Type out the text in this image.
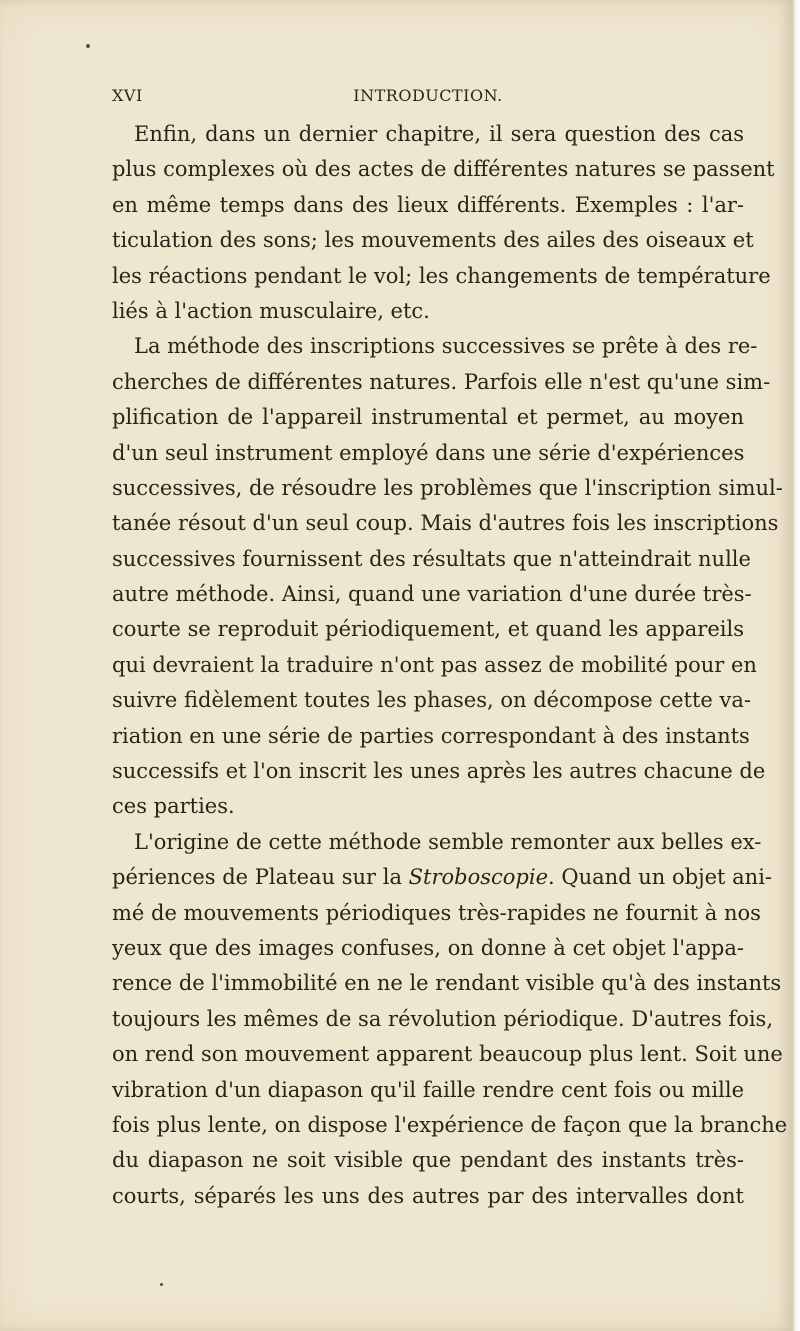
XVI	INTRODUCTION.
Enfin, dans un dernier chapitre, il sera question des cas
plus complexes où des actes de différentes natures se passent
en même temps dans des lieux différents. Exemples : l'ar-
ticulation des sons; les mouvements des ailes des oiseaux et
les réactions pendant le vol; les changements de température
liés à l'action musculaire, etc.
La méthode des inscriptions successives se prête à des re-
cherches de différentes natures. Parfois elle n'est qu'une sim-
plification de l'appareil instrumental et permet, au moyen
d'un seul instrument employé dans une série d'expériences
successives, de résoudre les problèmes que l'inscription simul-
tanée résout d'un seul coup. Mais d'autres fois les inscriptions
successives fournissent des résultats que n'atteindrait nulle
autre méthode. Ainsi, quand une variation d'une durée très-
courte se reproduit périodiquement, et quand les appareils
qui devraient la traduire n'ont pas assez de mobilité pour en
suivre fidèlement toutes les phases, on décompose cette va-
riation en une série de parties correspondant à des instants
successifs et l'on inscrit les unes après les autres chacune de
ces parties.
L'origine de cette méthode semble remonter aux belles ex-
périences de Plateau sur la Stroboscopie. Quand un objet ani-
mé de mouvements périodiques très-rapides ne fournit à nos
yeux que des images confuses, on donne à cet objet l'appa-
rence de l'immobilité en ne le rendant visible qu'à des instants
toujours les mêmes de sa révolution périodique. D'autres fois,
on rend son mouvement apparent beaucoup plus lent. Soit une
vibration d'un diapason qu'il faille rendre cent fois ou mille
fois plus lente, on dispose l'expérience de façon que la branche
du diapason ne soit visible que pendant des instants très-
courts, séparés les uns des autres par des intervalles dont
